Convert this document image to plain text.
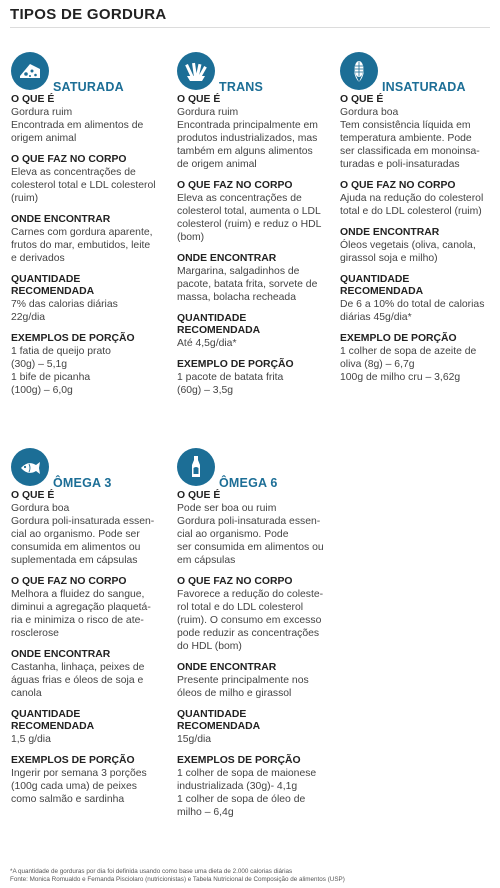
TIPOS DE GORDURA
SATURADA
O QUE É
Gordura ruim
Encontrada em alimentos de
origem animal
O QUE FAZ NO CORPO
Eleva as concentrações de
colesterol total e LDL colesterol
(ruim)
ONDE ENCONTRAR
Carnes com gordura aparente,
frutos do mar, embutidos, leite
e derivados
QUANTIDADE RECOMENDADA
7% das calorias diárias
22g/dia
EXEMPLOS DE PORÇÃO
1 fatia de queijo prato
(30g) – 5,1g
1 bife de picanha
(100g) – 6,0g
TRANS
O QUE É
Gordura ruim
Encontrada principalmente em
produtos industrializados, mas
também em alguns alimentos
de origem animal
O QUE FAZ NO CORPO
Eleva as concentrações de
colesterol total, aumenta o LDL
colesterol (ruim) e reduz o HDL
(bom)
ONDE ENCONTRAR
Margarina, salgadinhos de
pacote, batata frita, sorvete de
massa, bolacha recheada
QUANTIDADE RECOMENDADA
Até 4,5g/dia*
EXEMPLO DE PORÇÃO
1 pacote de batata frita
(60g) – 3,5g
INSATURADA
O QUE É
Gordura boa
Tem consistência líquida em
temperatura ambiente. Pode
ser classificada em monoinsa-
turadas e poli-insaturadas
O QUE FAZ NO CORPO
Ajuda na redução do colesterol
total e do LDL colesterol (ruim)
ONDE ENCONTRAR
Óleos vegetais (oliva, canola,
girassol soja e milho)
QUANTIDADE RECOMENDADA
De 6 a 10% do total de calorias
diárias 45g/dia*
EXEMPLO DE PORÇÃO
1 colher de sopa de azeite de
oliva (8g) – 6,7g
100g de milho cru – 3,62g
ÔMEGA 3
O QUE É
Gordura boa
Gordura poli-insaturada essen-
cial ao organismo. Pode ser
consumida em alimentos ou
suplementada em cápsulas
O QUE FAZ NO CORPO
Melhora a fluidez do sangue,
diminui a agregação plaquetá-
ria e minimiza o risco de ate-
rosclerose
ONDE ENCONTRAR
Castanha, linhaça, peixes de
águas frias e óleos de soja e
canola
QUANTIDADE RECOMENDADA
1,5 g/dia
EXEMPLOS DE PORÇÃO
Ingerir por semana 3 porções
(100g cada uma) de peixes
como salmão e sardinha
ÔMEGA 6
O QUE É
Pode ser boa ou ruim
Gordura poli-insaturada essen-
cial ao organismo. Pode
ser consumida em alimentos ou
em cápsulas
O QUE FAZ NO CORPO
Favorece a redução do coleste-
rol total e do LDL colesterol
(ruim). O consumo em excesso
pode reduzir as concentrações
do HDL (bom)
ONDE ENCONTRAR
Presente principalmente nos
óleos de milho e girassol
QUANTIDADE RECOMENDADA
15g/dia
EXEMPLOS DE PORÇÃO
1 colher de sopa de maionese
industrializada (30g)- 4,1g
1 colher de sopa de óleo de
milho – 6,4g
*A quantidade de gorduras por dia foi definida usando como base uma dieta de 2.000 calorias diárias
Fonte: Monica Romualdo e Fernanda Pisciolaro (nutricionistas) e Tabela Nutricional de Composição de alimentos (USP)
